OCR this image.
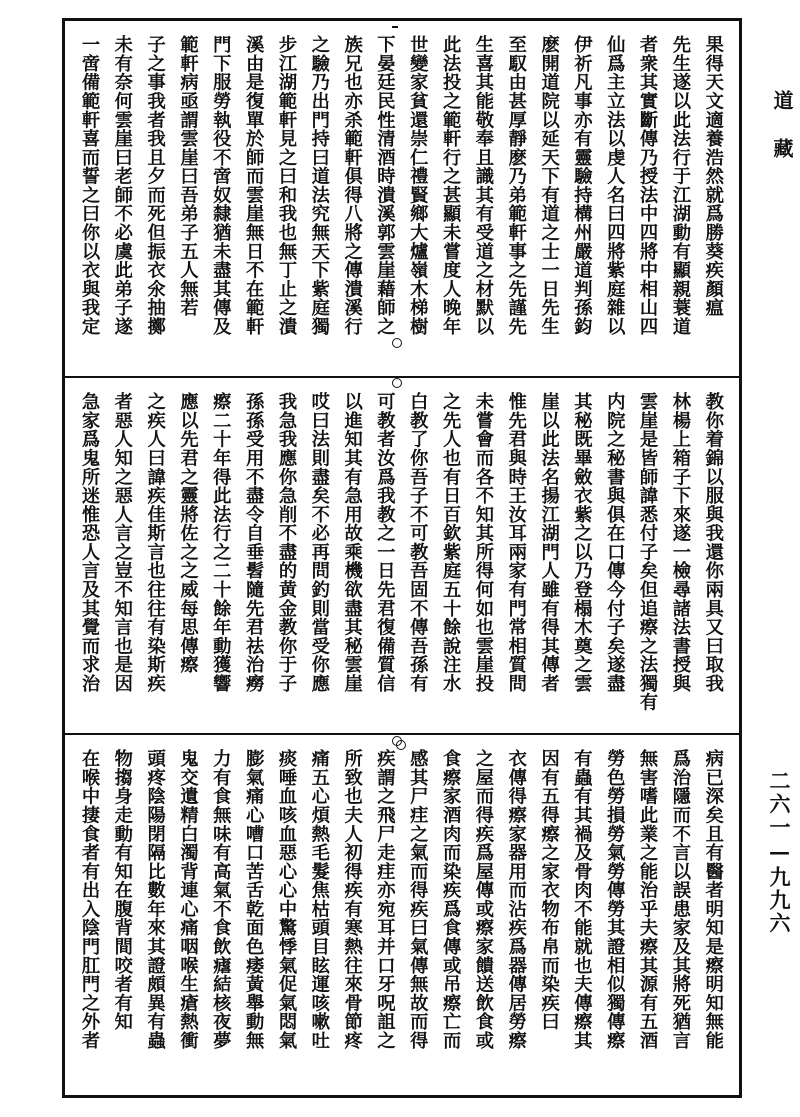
果得天文適養浩然就爲勝葵疾顏瘟
先生遂以此法行于江湖動有顯親蓑道
者衆其實斷傳乃授法中四將中相山四
仙爲主立法以虔人名曰四將紫庭雜以
伊祈凡事亦有靈驗持構州嚴道判孫鈞
麽開道院以延天下有道之士一日先生
至馭由甚厚靜麽乃弟範軒事之先謹先
生喜其能敬奉且識其有受道之材默以
此法投之範軒行之甚顯未嘗度人晚年
世變家貧還崇仁禮賢鄉大爐嶺木梯樹
下晏廷民性清酒時潰溪郭雲崖藉師之
族兄也亦杀範軒俱得八將之傳潰溪行
之驗乃出門持曰道法究無天下紫庭獨
步江湖範軒見之曰和我也無丁止之潰
溪由是復單於師而雲崖無日不在範軒
門下服勞執役不啻奴隸猶未盡其傳及
範軒病亟謂雲崖曰吾弟子五人無若
子之事我者我且夕而死但振衣氽抽擲
未有奈何雲崖曰老師不必虞此弟子遂
一啻備範軒喜而誓之曰你以衣與我定
教你着錦以服與我還你兩具又曰取我
林楊上箱子下來遂一檢尋諸法書授與
雲崖是皆師諱悉付子矣但追瘵之法獨有
内院之秘書與俱在口傳今付子矣遂盡
其秘既畢斂衣紫之以乃登榻木奠之雲
崖以此法名揚江湖門人雖有得其傳者
惟先君與時王汝耳兩家有門常相質問
未嘗會而各不知其所得何如也雲崖投
之先人也有日百欽紫庭五十餘說注水
白教了你吾子不可教吾固不傳吾孫有
可教者汝爲我教之一日先君復備質信
以進知其有急用故乘機欲盡其秘雲崖
哎曰法則盡矣不必再問釣則當受你應
我急我應你急削不盡的黄金教你于子
孫孫受用不盡令自垂髫隨先君祛治癆
瘵二十年得此法行之二十餘年動獲響
應以先君之靈將佐之之威每思傳瘵
之疾人曰諱疾佳斯言也往往有染斯疾
者惡人知之惡人言之豈不知言也是因
急家爲鬼所迷惟恐人言及其覺而求治
病已深矣且有醫者明知是瘵明知無能
爲治隱而不言以誤患家及其將死猶言
無害嗜此業之能治乎夫瘵其源有五酒
勞色勞損勞氣勞傳勞其證相似獨傳瘵
有蟲有其禍及骨肉不能就也夫傳瘵其
因有五得瘵之家衣物布帛而染疾曰
衣傳得瘵家器用而沾疾爲器傳居勞瘵
之屋而得疾爲屋傳或瘵家饋送飲食或
食瘵家酒肉而染疾爲食傳或吊瘵亡而
感其尸疰之氣而得疾曰氣傳無故而得
疾謂之飛尸走疰亦宛耳并口牙呪詛之
所致也夫人初得疾有寒熱往來骨節疼
痛五心煩熱毛髮焦枯頭目眩運咳嗽吐
痰唾血咳血惡心心中驚悸氣促氣悶氣
膨氣痛心嘈口苦舌乾面色痿黃舉動無
力有食無味有高氣不食飲瘧結核夜夢
鬼交遺精白濁背連心痛咽喉生瘡熱衝
頭疼陰陽閉隔比數年來其證頗異有蟲
物搊身走動有知在腹背間咬者有知
在喉中捿食者有出入陰門肛門之外者
道藏
二六一—九九六
